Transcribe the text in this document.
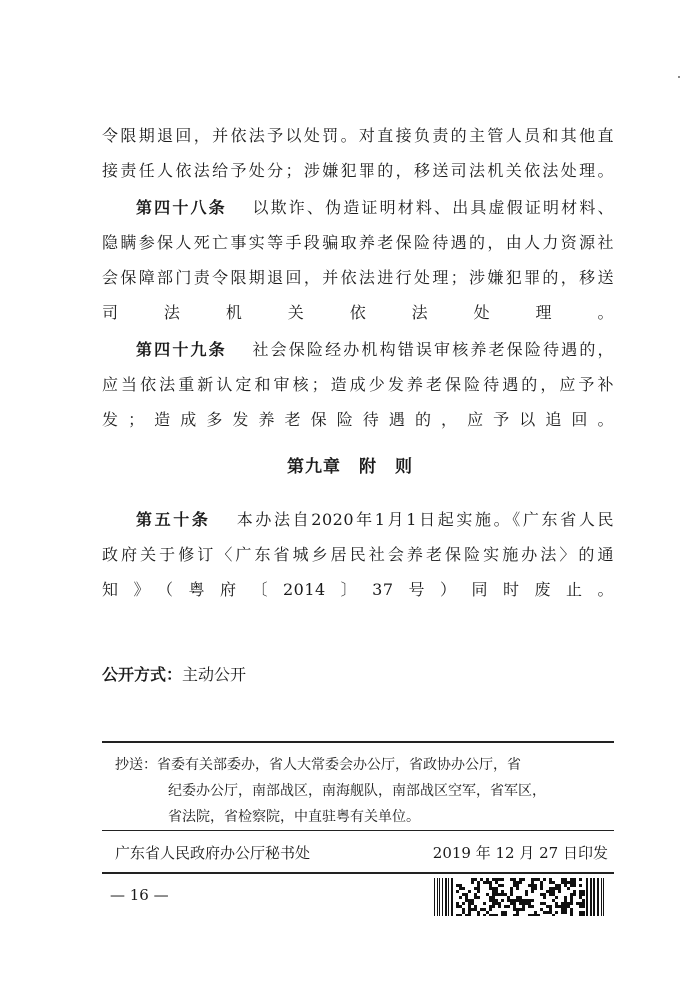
令限期退回，并依法予以处罚。对直接负责的主管人员和其他直
接责任人依法给予处分；涉嫌犯罪的，移送司法机关依法处理。

第四十八条 以欺诈、伪造证明材料、出具虚假证明材料、
隐瞒参保人死亡事实等手段骗取养老保险待遇的，由人力资源社
会保障部门责令限期退回，并依法进行处理；涉嫌犯罪的，移送
司法机关依法处理。

第四十九条 社会保险经办机构错误审核养老保险待遇的，
应当依法重新认定和审核；造成少发养老保险待遇的，应予补
发；造成多发养老保险待遇的，应予以追回。

第九章　附　则

第五十条 本办法自2020年1月1日起实施。《广东省人民
政府关于修订〈广东省城乡居民社会养老保险实施办法〉的通
知》（粤府〔2014〕37号）同时废止。

公开方式：主动公开
抄送：省委有关部委办，省人大常委会办公厅，省政协办公厅，省
纪委办公厅，南部战区，南海舰队，南部战区空军，省军区，
省法院，省检察院，中直驻粤有关单位。
广东省人民政府办公厅秘书处	2019 年 12 月 27 日印发
— 16 —
